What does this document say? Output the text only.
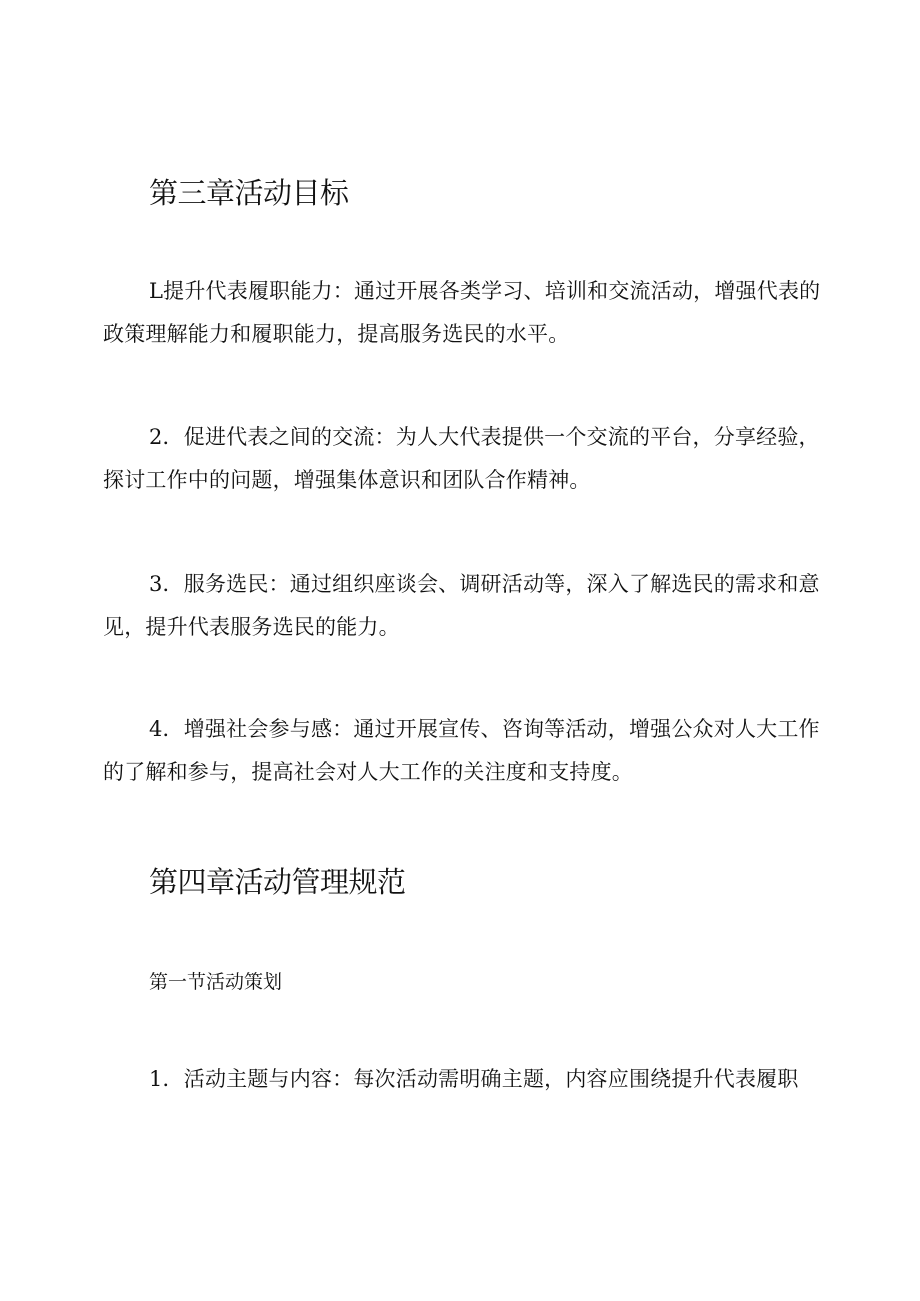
第三章活动目标

L提升代表履职能力：通过开展各类学习、培训和交流活动，增强代表的政策理解能力和履职能力，提高服务选民的水平。

2．促进代表之间的交流：为人大代表提供一个交流的平台，分享经验，探讨工作中的问题，增强集体意识和团队合作精神。

3．服务选民：通过组织座谈会、调研活动等，深入了解选民的需求和意见，提升代表服务选民的能力。

4．增强社会参与感：通过开展宣传、咨询等活动，增强公众对人大工作的了解和参与，提高社会对人大工作的关注度和支持度。

第四章活动管理规范
第一节活动策划

1．活动主题与内容：每次活动需明确主题，内容应围绕提升代表履职
